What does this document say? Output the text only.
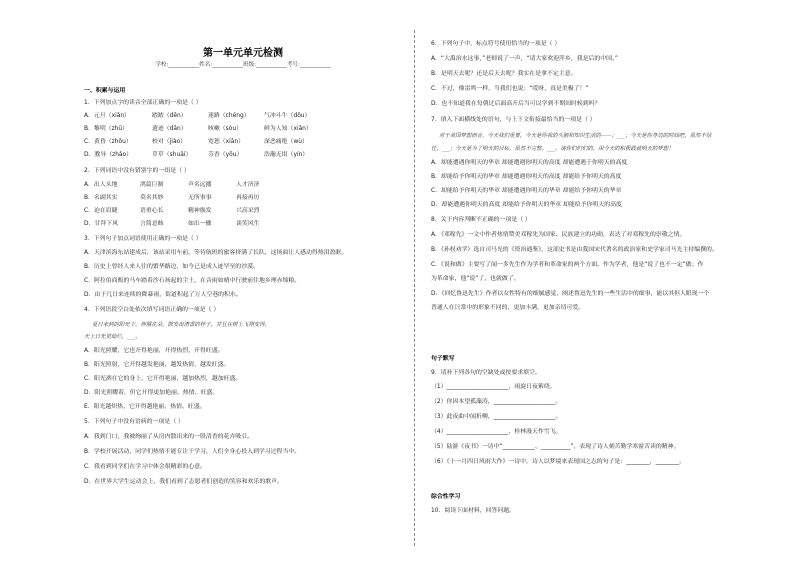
第一单元单元检测
学校:___________姓名:___________班级:___________考号:___________
一、积累与运用
1．下列加点字的读音全部正确的一项是（ ）
A．元旦（xiān）	踏踏（dēn）	迷路（chéng）	气冲斗牛（dǒu）
B．黎明（zhū）	遗迹（dān）	咳嗽（sòu）	鲜为人知（xiǎn）
C．黄昏（zhōu）	校对（jiào）	宽恕（xiān）	深恶痛绝（wù）
D．教导（zhǎo）	草草（shuāi）	芬香（yōu）	浩瀚无垠（yín）
2．下列词语中没有错别字的一组是（ ）
A．出人头地	鸿篇巨制	声名远播	人才济济
B．名副其实	莫名其妙	无所事事	再接再厉
C．迫在眉睫	语重心长	精神焕发	兴高采烈
D．甘拜下风	言简意赅	如出一辙	谈笑风生
3．下列句子加点词语使用正确的一项是（ ）
A．天津滨海东站建成后，该站采用车前，等待航班的旅客挤满了长队，这场面让人感动得热泪盈眶。
B．历史上曾经人来人往的繁华路边，如今已是成人迹罕至的沙漠。
C．阿拉伯商贩的马车踏着沙石扬起的尘土，在音雨如晴中行驶前往地乡理赤绵粮。
D．由于几日来连续的降暴雨，街道积起了万人空巷的积水。
4．下列语段空白处依次填写词语正确的一项是（ ）
夏日来到的阳光下，伸展花朵，散发出清香的样子。并且在树上飞翔变得。
天上日光更灿烂，___。
A．阳光照耀，它也开得艳丽，开得热烈，开得旺盛。
B．阳光照射，它开得越发艳丽，越发热情，越发旺盛。
C．阳光洒在它的身上，它开得艳丽，越加热烈，越加旺盛。
D．阳光照耀着，但它开得更加艳丽、热情、旺盛。
E．阳光越炽热，它开得越艳丽、热情、旺盛。
5．下列句子中没有语病的一项是（ ）
A．我到门口，我被绚丽了从房内散出来的一股清香的花卉吸引。
B．学校开展活动，同学们热情不能专注于学习，人们全身心投入到学习过程当中。
C．我看到同学们在学习中体会很精彩的心意。
D．在世界大学生运动会上，我们看到了志愿者们创造的笑容和欢乐的歌声。
6．下列句子中，标点符号使用恰当的一项是（ ）
A．“大禹治水这事，”老师说了一声，“请大家欢迎萍乡，我是后的中国。”
B．是明天去呢？还是后天去呢？我实在是拿不定主意。
C．不过，像雷鸣一样，当我们也说：“哎呀，真是美极了！”
D．也不知道我在每朝过后面高开后当可以学到不期间时候到吗？
7．填入下面横线处的语句，与上下文衔接最恰当的一项是（ ）
对于美国梦想而言，今天我们重要，今天是你我的头脑和知识生活的——；___；今天是你身边的时间吧，虽然不信
任，___；今天是为了明天的目标，虽然不完整。___。请你们们们的，用今天的积极践就明天的梦想！
A．却能遭遇你明天的华章 却能遭遇你明天的高度 却能遭遇于你明天的高度
B．却能给予你明天的华章 却能遭遇你明天的高度 却能给予你明天的高度
C．却能给予你明天的华章 却能遭遇你明天的华章 却能给予你明天的华章
D．却能遭遇你明天的高度 却能给予你明天的华章 却能给予你明天的高度
8．关于内容判断不正确的一项是（ ）
A．《邓稼先》一文中作者热情赞美邓稼先为国家、民族建立的功勋，表达了对邓稼先的崇敬之情。
B．《孙权劝学》选自司马光的《资治通鉴》，这部史书是由我国宋代著名的政治家和史学家司马光主持编撰的。
C．《说和做》主要写了闻一多先生作为学者和革命家的两个方面。作为学者，他是“说了也不一定”做；作
为革命家，他“说”了，也就做了。
D．《回忆鲁迅先生》作者以女性特有的细腻感觉，阐述鲁迅先生的一些生活中的细事，能以其但人眼现一个
普通人在日常中的形象不同的，更加丰满，更加亲切可爱。
句子默写
9．请补下列各句的空缺处或按要求填空。
（1）_____________________，雨旋日夜萦绕。
（2）你因本望孤藻涛，_____________________。
（3）此夜曲中闻折柳，_____________________。
（4）_____________________，桂林漫天作雪飞。
（5）陆游《夜书》一诗中“___________、__________”，表现了诗人刻苦勤学寒窗苦读的精神。
（6）《十一月四日风雨大作》一诗中，诗人以梦境来表现国之志的句子是：________，________。
综合性学习
10．阅读下面材料，回答问题。
